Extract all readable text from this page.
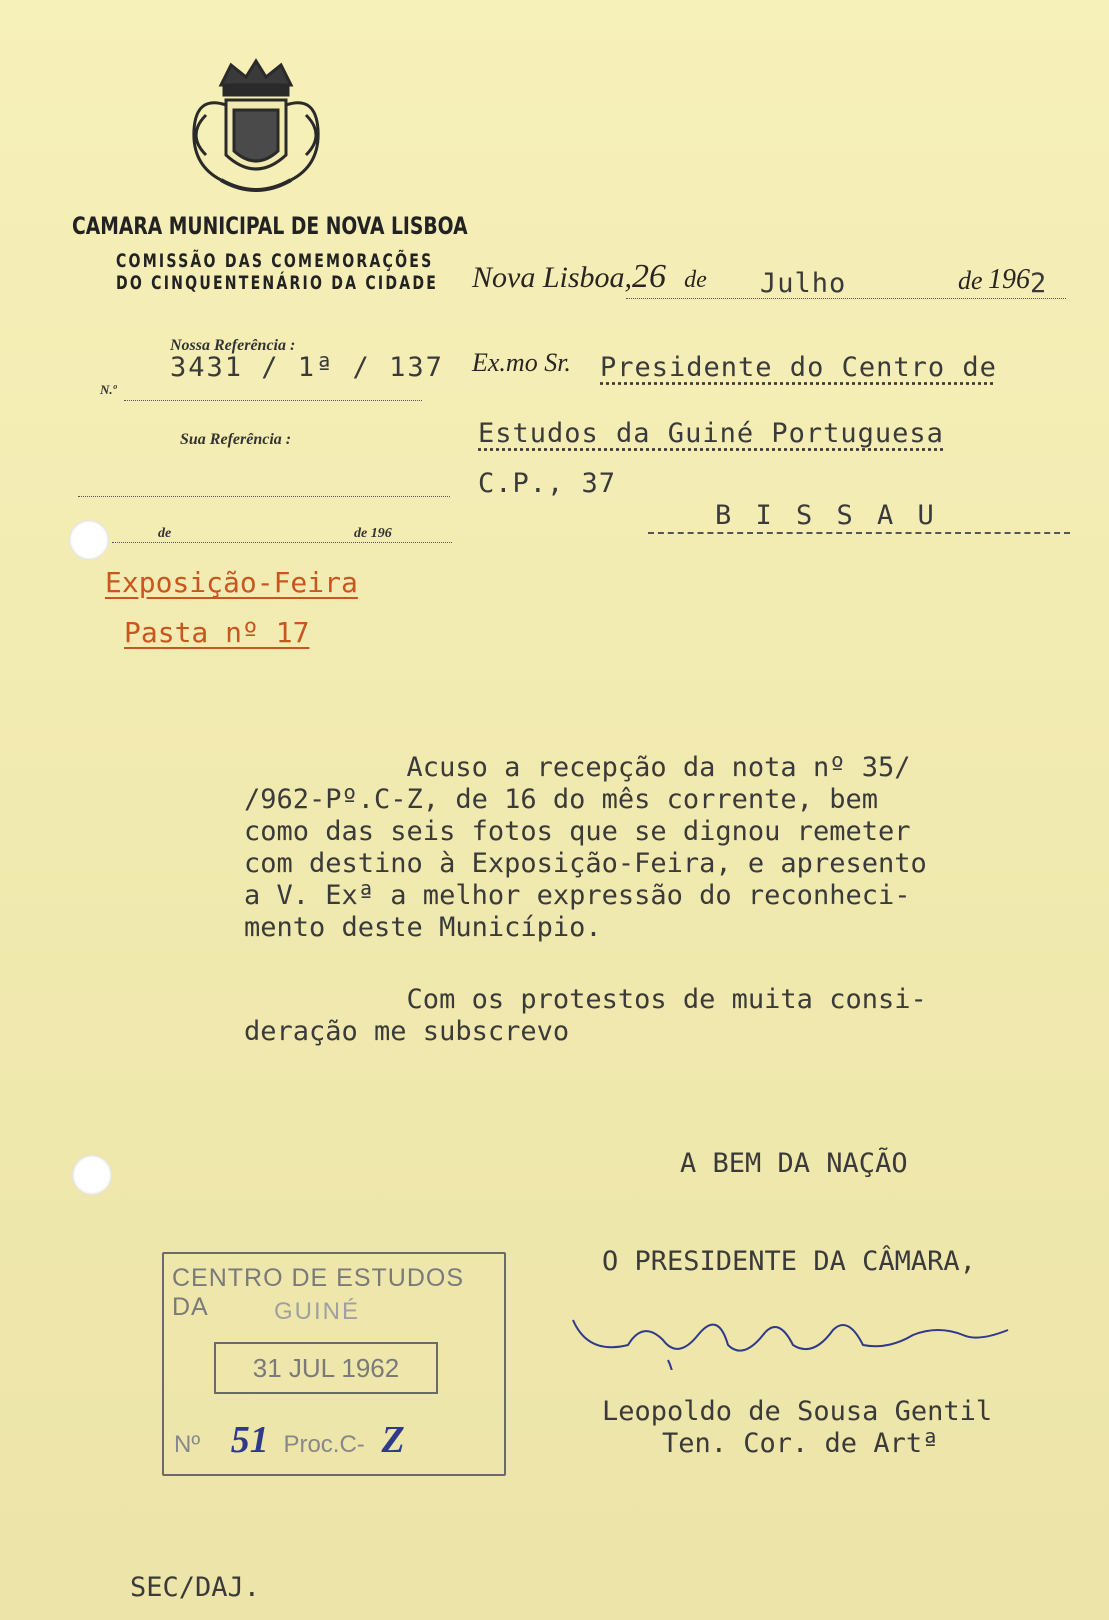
CAMARA MUNICIPAL DE NOVA LISBOA
COMISSÃO DAS COMEMORAÇÕES
DO CINQUENTENÁRIO DA CIDADE
Nossa Referência :
N.º
3431 / 1ª / 137
Sua Referência :
de	de 196
Exposição-Feira
Pasta nº 17
Nova Lisboa,26 de Julho	de 196 2
Ex.mo Sr. Presidente do Centro de
Estudos da Guiné Portuguesa
C.P., 37
B I S S A U
Acuso a recepção da nota nº 35/
/962-Pº.C-Z, de 16 do mês corrente, bem
como das seis fotos que se dignou remeter
com destino à Exposição-Feira, e apresento
a V. Exª a melhor expressão do reconheci-
mento deste Município.
Com os protestos de muita consi-
deração me subscrevo
A BEM DA NAÇÃO
O PRESIDENTE DA CÂMARA,
Leopoldo de Sousa Gentil
Ten. Cor. de Artª
CENTRO DE ESTUDOS DA	GUINÉ
31 JUL 1962
Nº 51 Proc.C- Z
SEC/DAJ.
